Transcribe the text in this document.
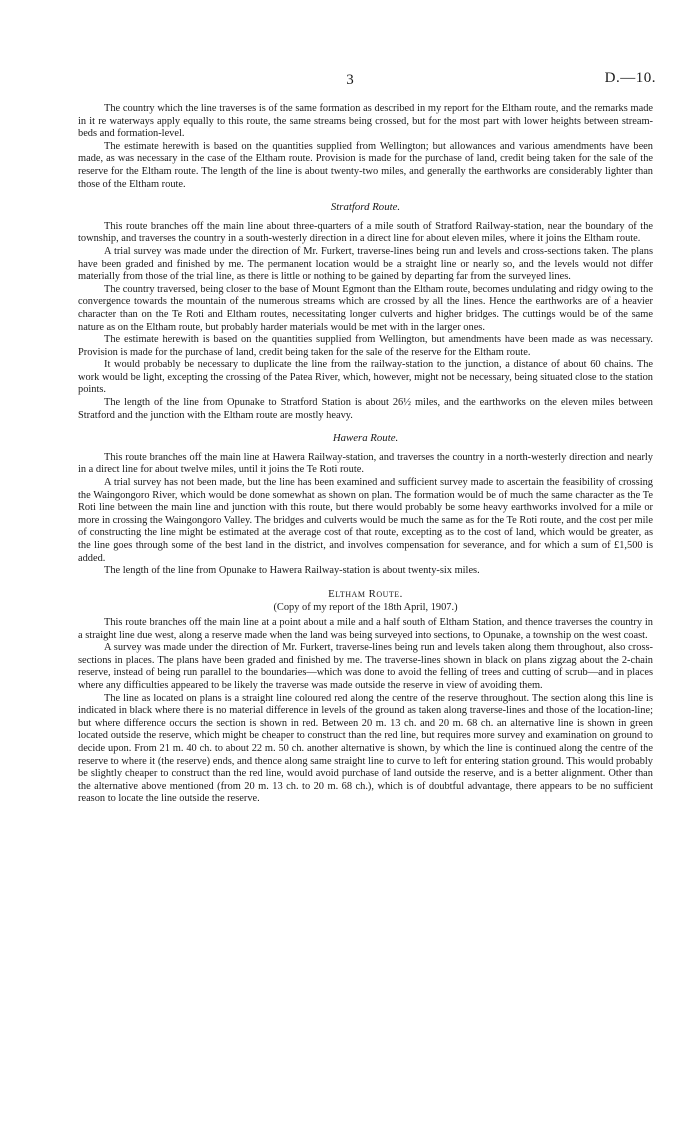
3	D.—10.

The country which the line traverses is of the same formation as described in my report for the Eltham route, and the remarks made in it re waterways apply equally to this route, the same streams being crossed, but for the most part with lower heights between stream-beds and formation-level.

The estimate herewith is based on the quantities supplied from Wellington; but allowances and various amendments have been made, as was necessary in the case of the Eltham route. Provision is made for the purchase of land, credit being taken for the sale of the reserve for the Eltham route. The length of the line is about twenty-two miles, and generally the earthworks are considerably lighter than those of the Eltham route.

Stratford Route.

This route branches off the main line about three-quarters of a mile south of Stratford Railway-station, near the boundary of the township, and traverses the country in a south-westerly direction in a direct line for about eleven miles, where it joins the Eltham route.

A trial survey was made under the direction of Mr. Furkert, traverse-lines being run and levels and cross-sections taken. The plans have been graded and finished by me. The permanent location would be a straight line or nearly so, and the levels would not differ materially from those of the trial line, as there is little or nothing to be gained by departing far from the surveyed lines.

The country traversed, being closer to the base of Mount Egmont than the Eltham route, becomes undulating and ridgy owing to the convergence towards the mountain of the numerous streams which are crossed by all the lines. Hence the earthworks are of a heavier character than on the Te Roti and Eltham routes, necessitating longer culverts and higher bridges. The cuttings would be of the same nature as on the Eltham route, but probably harder materials would be met with in the larger ones.

The estimate herewith is based on the quantities supplied from Wellington, but amendments have been made as was necessary. Provision is made for the purchase of land, credit being taken for the sale of the reserve for the Eltham route.

It would probably be necessary to duplicate the line from the railway-station to the junction, a distance of about 60 chains. The work would be light, excepting the crossing of the Patea River, which, however, might not be necessary, being situated close to the station points.

The length of the line from Opunake to Stratford Station is about 26½ miles, and the earthworks on the eleven miles between Stratford and the junction with the Eltham route are mostly heavy.

Hawera Route.

This route branches off the main line at Hawera Railway-station, and traverses the country in a north-westerly direction and nearly in a direct line for about twelve miles, until it joins the Te Roti route.

A trial survey has not been made, but the line has been examined and sufficient survey made to ascertain the feasibility of crossing the Waingongoro River, which would be done somewhat as shown on plan. The formation would be of much the same character as the Te Roti line between the main line and junction with this route, but there would probably be some heavy earthworks involved for a mile or more in crossing the Waingongoro Valley. The bridges and culverts would be much the same as for the Te Roti route, and the cost per mile of constructing the line might be estimated at the average cost of that route, excepting as to the cost of land, which would be greater, as the line goes through some of the best land in the district, and involves compensation for severance, and for which a sum of £1,500 is added.

The length of the line from Opunake to Hawera Railway-station is about twenty-six miles.

Eltham Route.

(Copy of my report of the 18th April, 1907.)

This route branches off the main line at a point about a mile and a half south of Eltham Station, and thence traverses the country in a straight line due west, along a reserve made when the land was being surveyed into sections, to Opunake, a township on the west coast.

A survey was made under the direction of Mr. Furkert, traverse-lines being run and levels taken along them throughout, also cross-sections in places. The plans have been graded and finished by me. The traverse-lines shown in black on plans zigzag about the 2-chain reserve, instead of being run parallel to the boundaries—which was done to avoid the felling of trees and cutting of scrub—and in places where any difficulties appeared to be likely the traverse was made outside the reserve in view of avoiding them.

The line as located on plans is a straight line coloured red along the centre of the reserve throughout. The section along this line is indicated in black where there is no material difference in levels of the ground as taken along traverse-lines and those of the location-line; but where difference occurs the section is shown in red. Between 20 m. 13 ch. and 20 m. 68 ch. an alternative line is shown in green located outside the reserve, which might be cheaper to construct than the red line, but requires more survey and examination on ground to decide upon. From 21 m. 40 ch. to about 22 m. 50 ch. another alternative is shown, by which the line is continued along the centre of the reserve to where it (the reserve) ends, and thence along same straight line to curve to left for entering station ground. This would probably be slightly cheaper to construct than the red line, would avoid purchase of land outside the reserve, and is a better alignment. Other than the alternative above mentioned (from 20 m. 13 ch. to 20 m. 68 ch.), which is of doubtful advantage, there appears to be no sufficient reason to locate the line outside the reserve.
